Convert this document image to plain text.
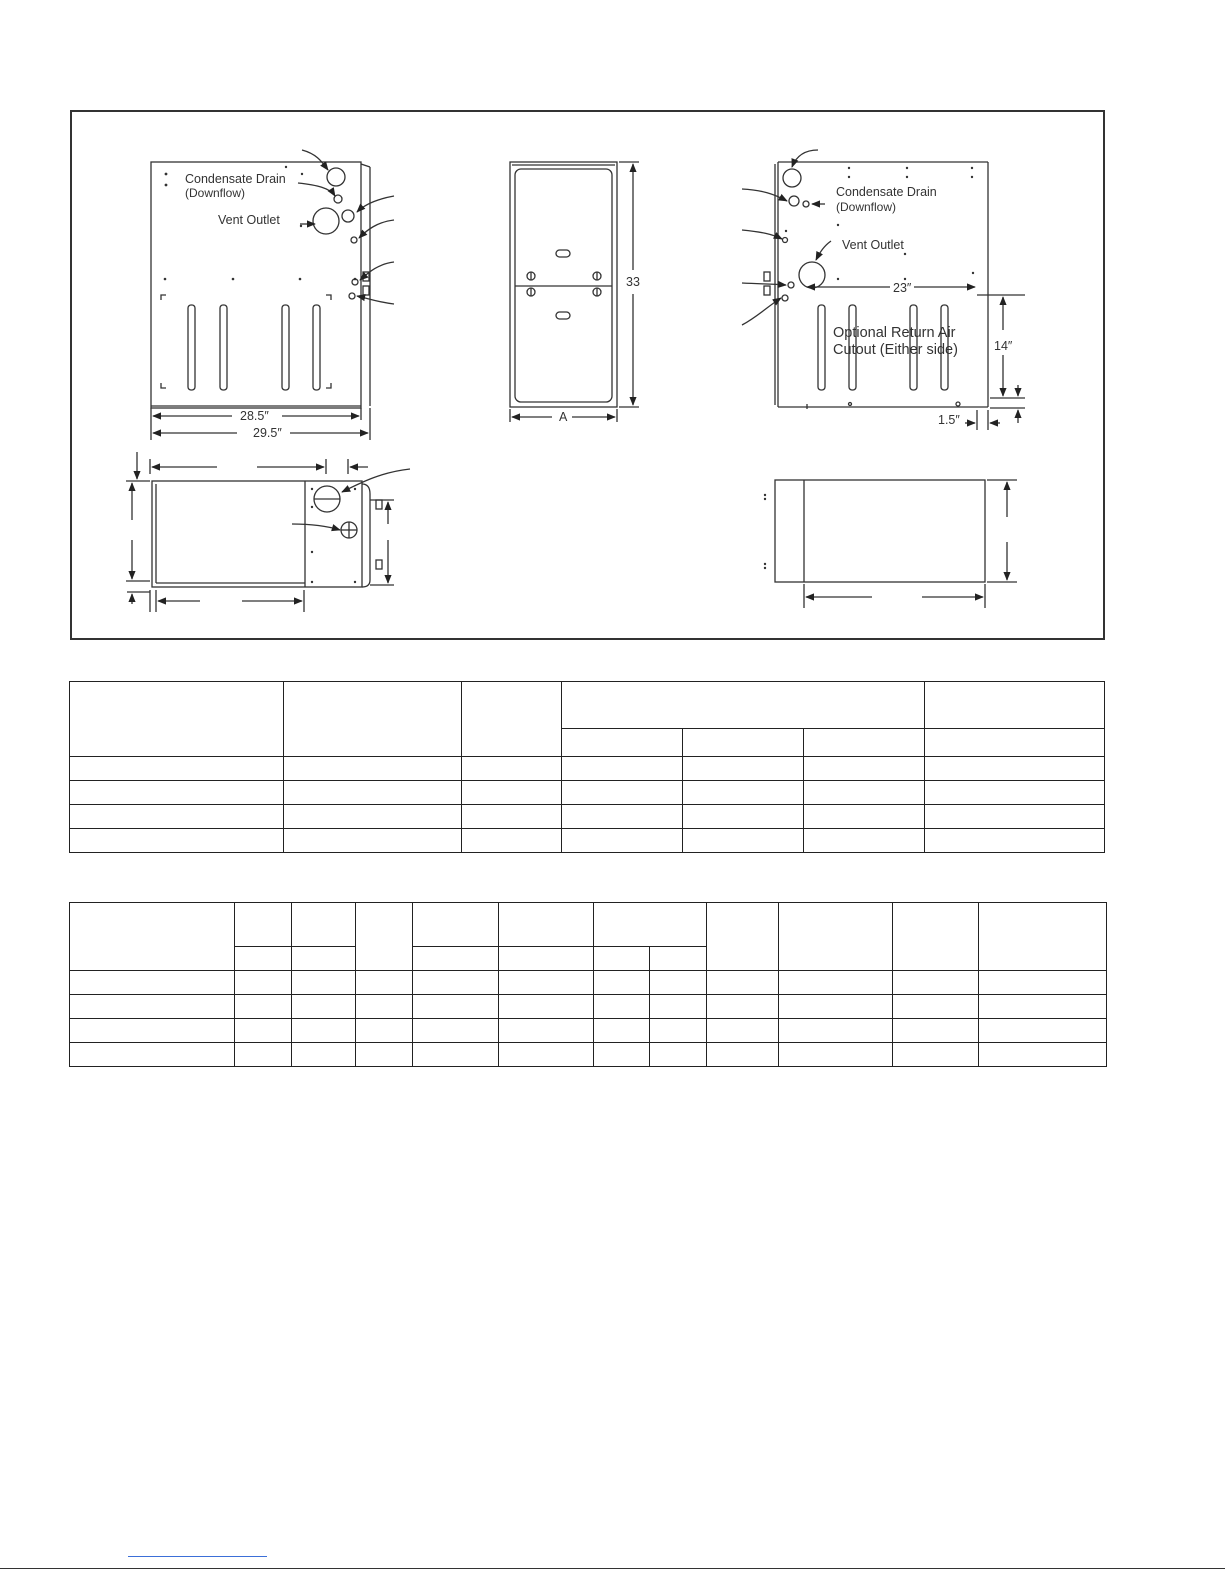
Condensate Drain
(Downflow)
Vent Outlet
28.5″
29.5″
33
A
Condensate Drain
(Downflow)
Vent Outlet
23″
14″
1.5″
Optional Return Air
Cutout (Either side)
